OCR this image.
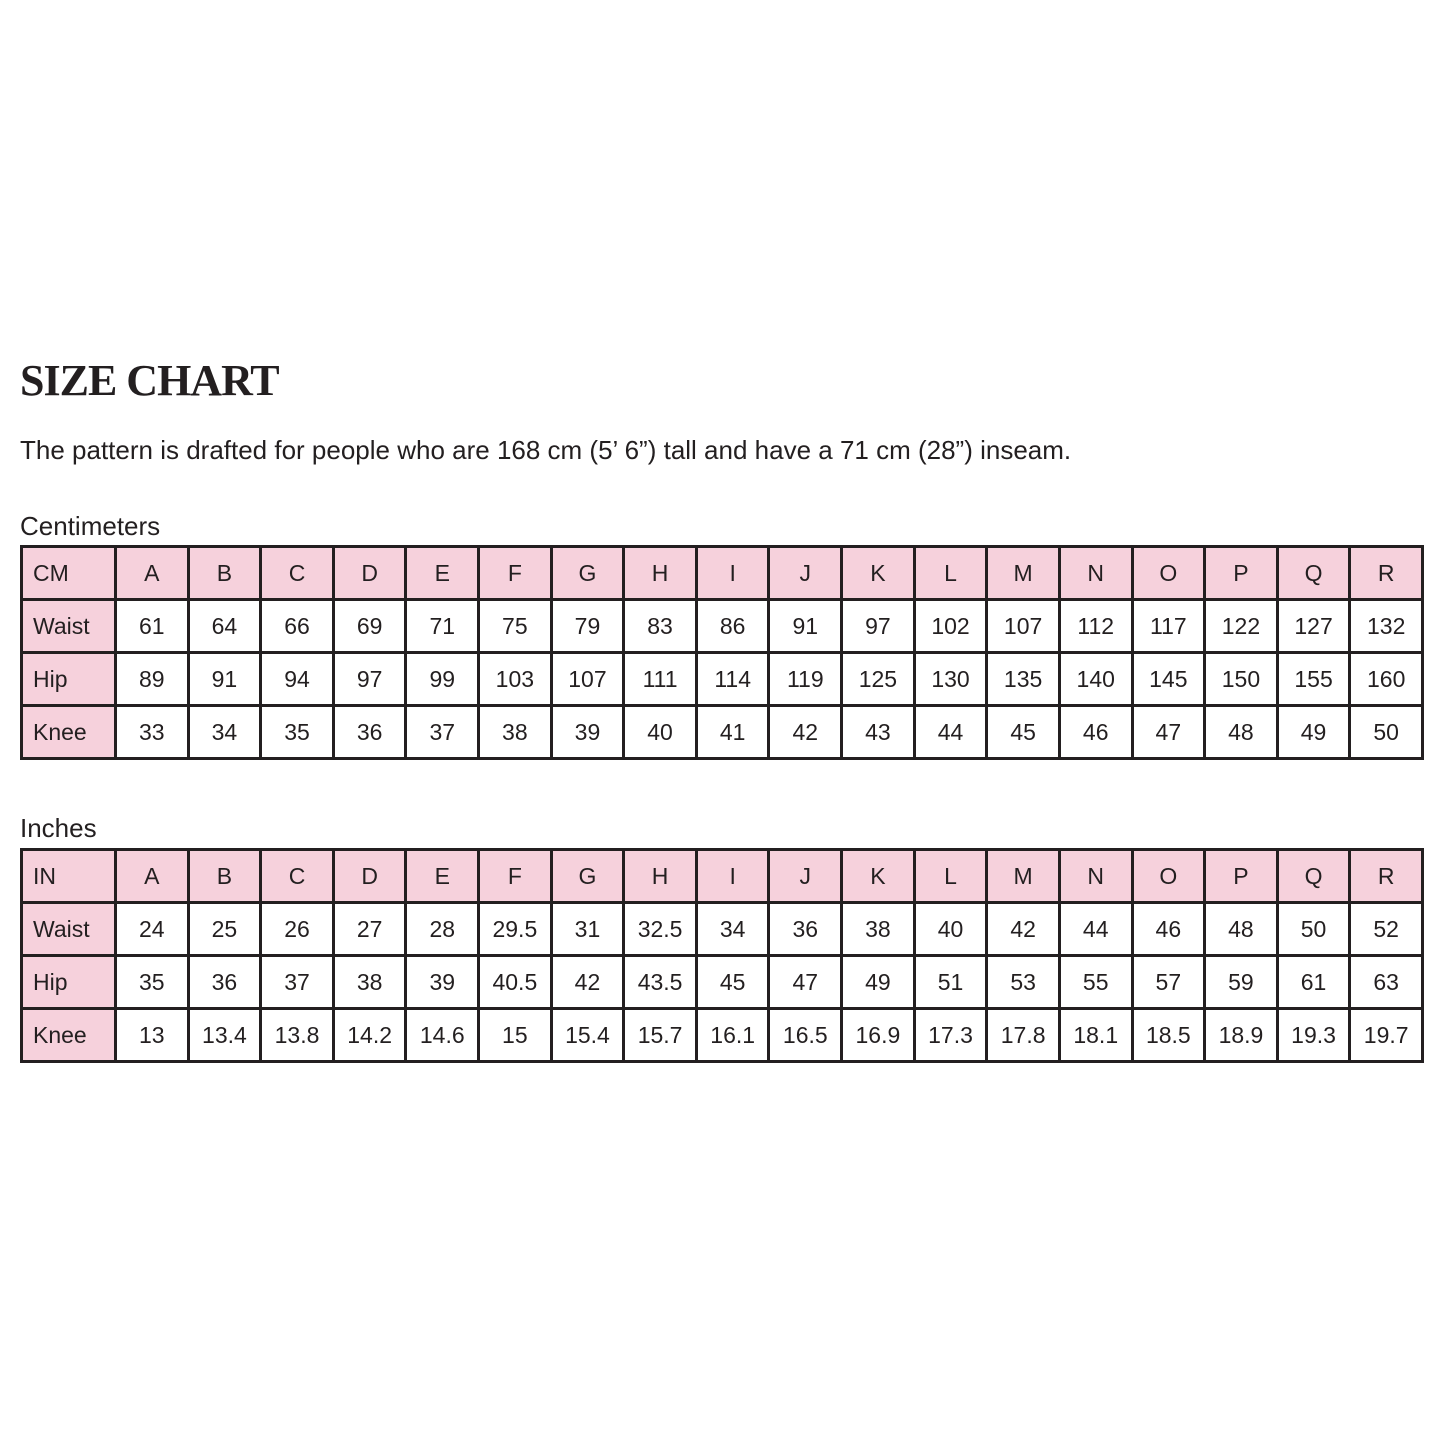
SIZE CHART

The pattern is drafted for people who are 168 cm (5’ 6”) tall and have a 71 cm (28”) inseam.

Centimeters

CM	A	B	C	D	E	F	G	H	I	J	K	L	M	N	O	P	Q	R
Waist	61	64	66	69	71	75	79	83	86	91	97	102	107	112	117	122	127	132
Hip	89	91	94	97	99	103	107	111	114	119	125	130	135	140	145	150	155	160
Knee	33	34	35	36	37	38	39	40	41	42	43	44	45	46	47	48	49	50

Inches

IN	A	B	C	D	E	F	G	H	I	J	K	L	M	N	O	P	Q	R
Waist	24	25	26	27	28	29.5	31	32.5	34	36	38	40	42	44	46	48	50	52
Hip	35	36	37	38	39	40.5	42	43.5	45	47	49	51	53	55	57	59	61	63
Knee	13	13.4	13.8	14.2	14.6	15	15.4	15.7	16.1	16.5	16.9	17.3	17.8	18.1	18.5	18.9	19.3	19.7
